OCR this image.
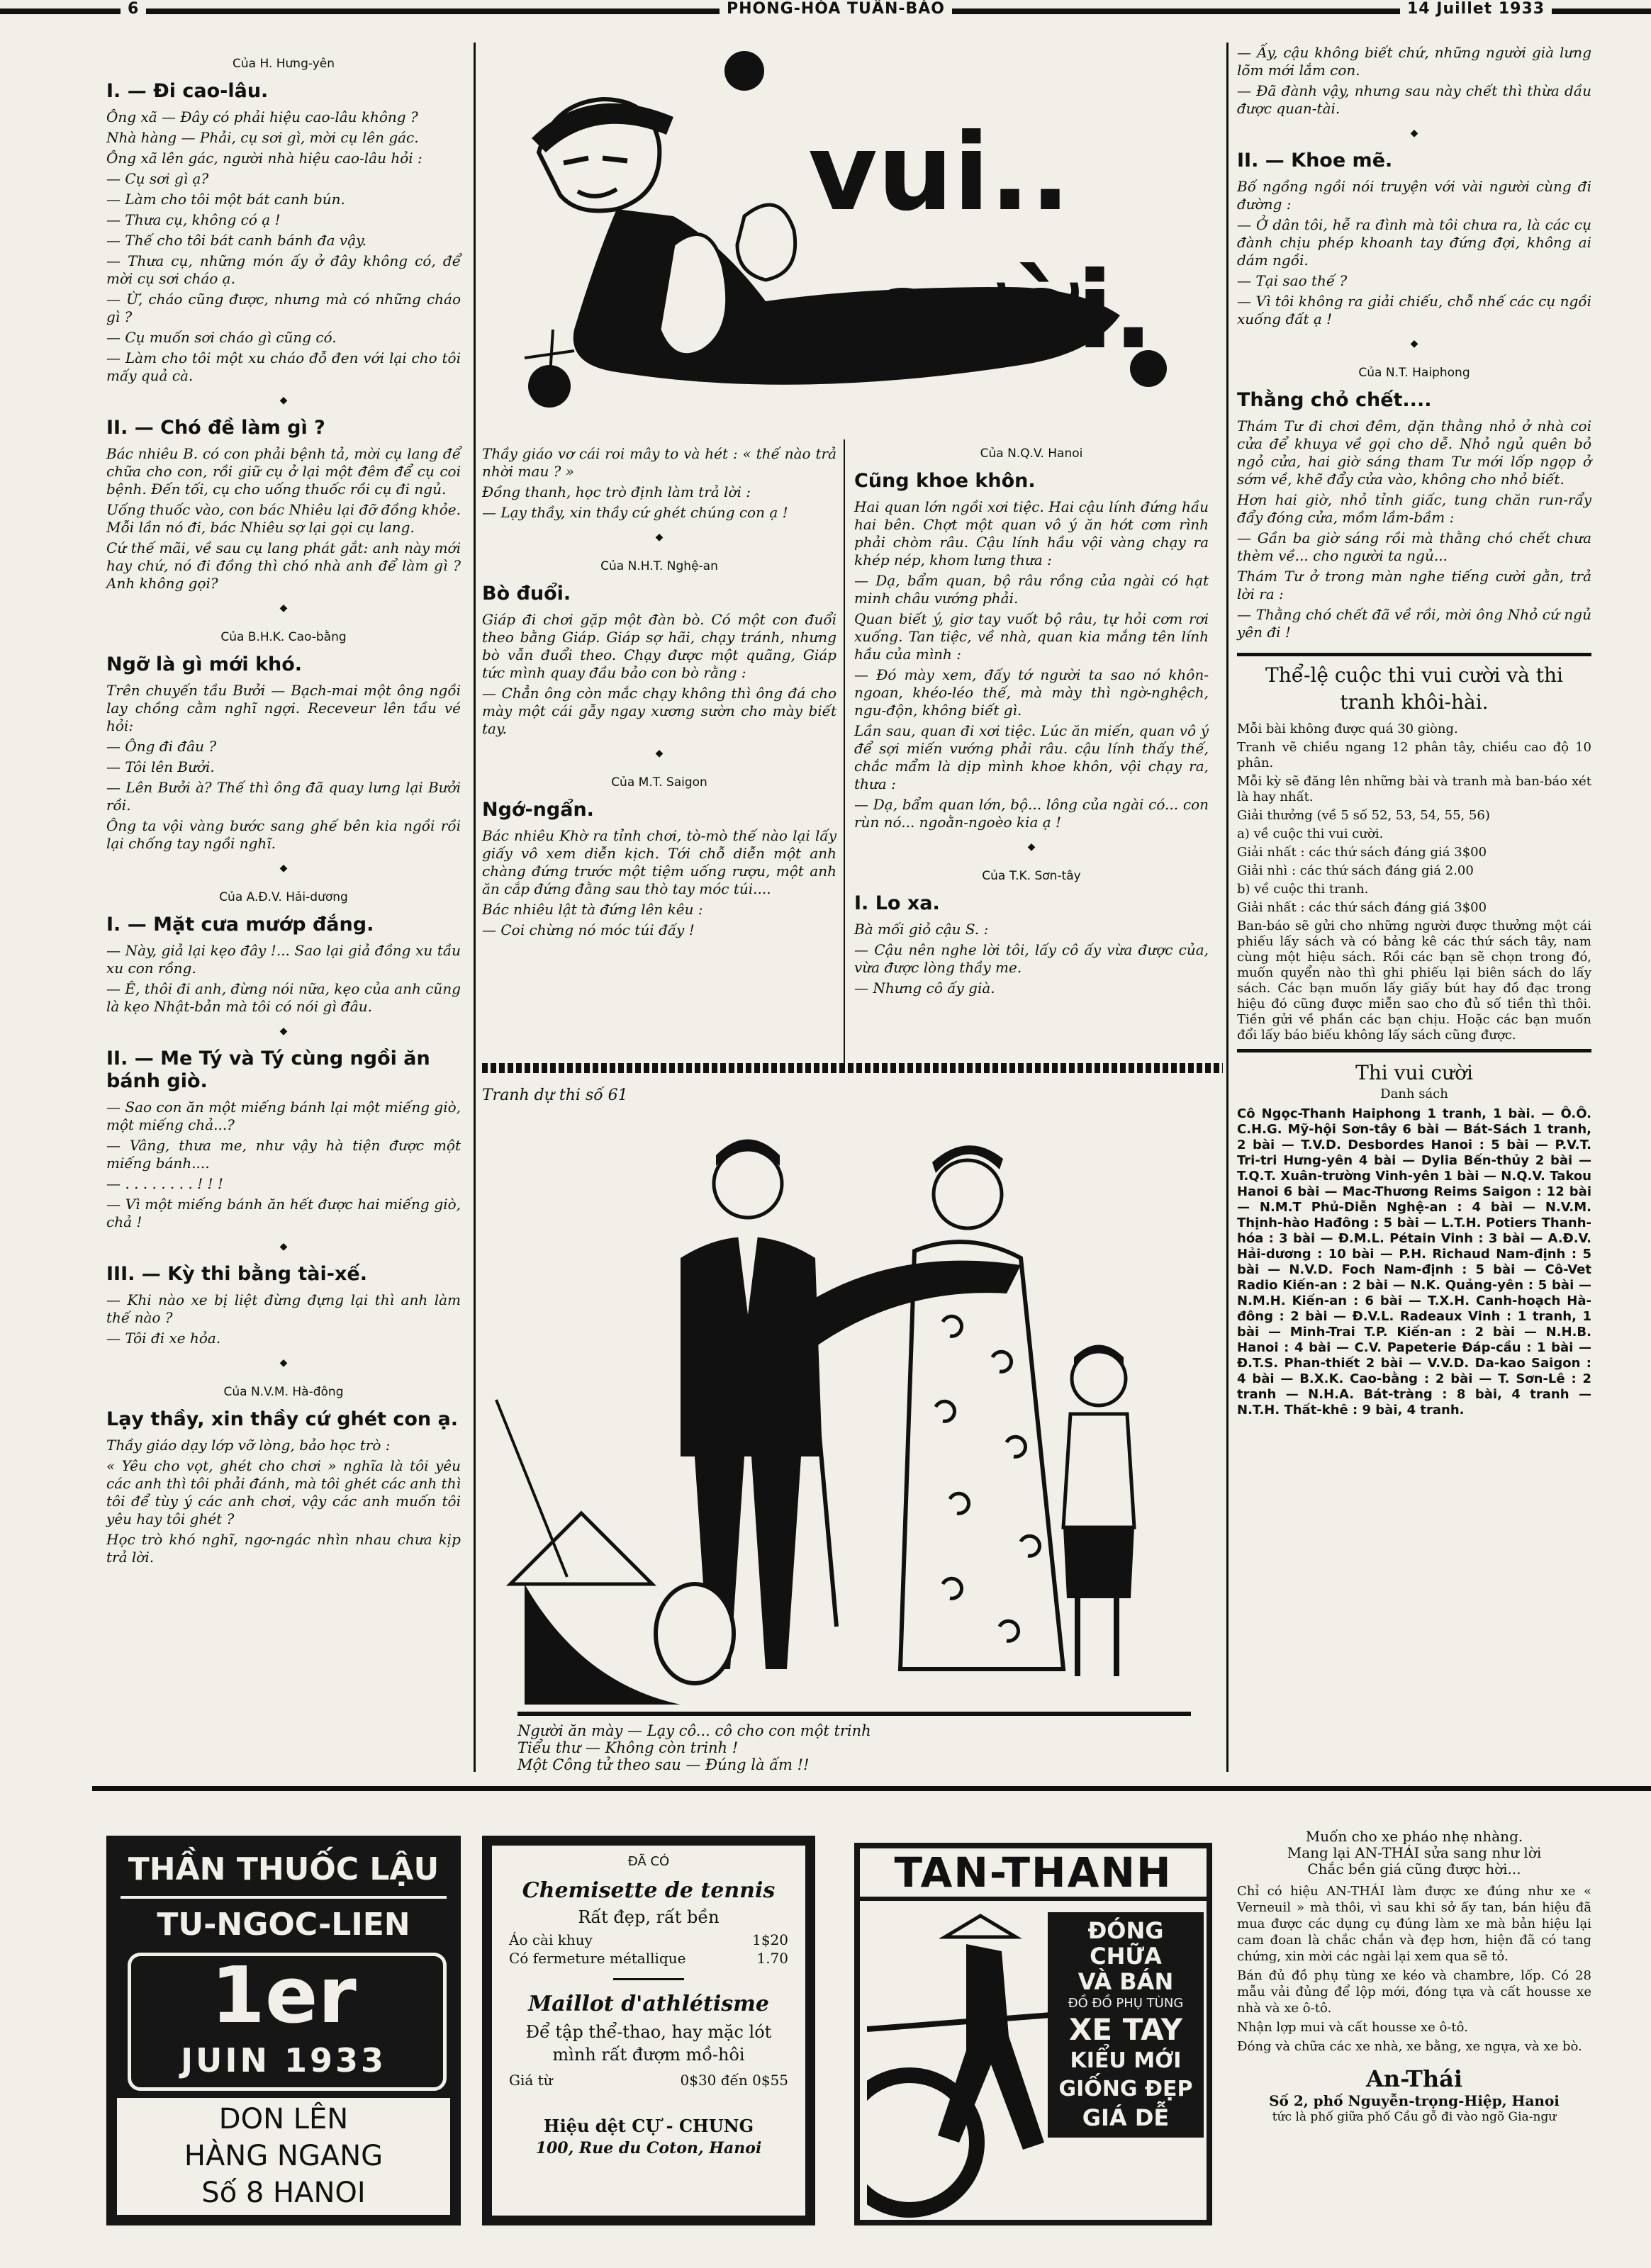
6	PHONG-HÓA TUẦN-BÁO	14 Juillet 1933
vui..
cười.
Của H. Hưng-yên
I. — Đi cao-lâu.

Ông xã — Đây có phải hiệu cao-lâu không ?

Nhà hàng — Phải, cụ sơi gì, mời cụ lên gác.

Ông xã lên gác, người nhà hiệu cao-lâu hỏi :

— Cụ sơi gì ạ?

— Làm cho tôi một bát canh bún.

— Thưa cụ, không có ạ !

— Thế cho tôi bát canh bánh đa vậy.

— Thưa cụ, những món ấy ở đây không có, để mời cụ sơi cháo ạ.

— Ừ, cháo cũng được, nhưng mà có những cháo gì ?

— Cụ muốn sơi cháo gì cũng có.

— Làm cho tôi một xu cháo đỗ đen với lại cho tôi mấy quả cà.

◆
II. — Chó đề làm gì ?

Bác nhiêu B. có con phải bệnh tả, mời cụ lang để chữa cho con, rồi giữ cụ ở lại một đêm để cụ coi bệnh. Đến tối, cụ cho uống thuốc rồi cụ đi ngủ.

Uống thuốc vào, con bác Nhiêu lại đỡ đồng khỏe. Mỗi lần nó đi, bác Nhiêu sợ lại gọi cụ lang.

Cứ thế mãi, về sau cụ lang phát gắt: anh này mới hay chứ, nó đi đồng thì chó nhà anh để làm gì ? Anh không gọi?

◆
Của B.H.K. Cao-bằng
Ngỡ là gì mới khó.

Trên chuyến tầu Bưởi — Bạch-mai một ông ngồi lay chồng cằm nghĩ ngợi. Receveur lên tầu vé hỏi:

— Ông đi đâu ?

— Tôi lên Bưởi.

— Lên Bưởi à? Thế thì ông đã quay lưng lại Bưởi rồi.

Ông ta vội vàng bước sang ghế bên kia ngồi rồi lại chống tay ngồi nghĩ.

◆
Của A.Đ.V. Hải-dương
I. — Mặt cưa mướp đắng.

— Này, giả lại kẹo đây !... Sao lại giả đồng xu tầu xu con rồng.

— Ê, thôi đi anh, đừng nói nữa, kẹo của anh cũng là kẹo Nhật-bản mà tôi có nói gì đâu.

◆
II. — Me Tý và Tý cùng ngồi ăn bánh giò.

— Sao con ăn một miếng bánh lại một miếng giò, một miếng chả...?

— Vâng, thưa me, như vậy hà tiện được một miếng bánh....

— . . . . . . . . ! ! !

— Vì một miếng bánh ăn hết được hai miếng giò, chả !

◆
III. — Kỳ thi bằng tài-xế.

— Khi nào xe bị liệt đừng đựng lại thì anh làm thế nào ?

— Tôi đi xe hỏa.

◆
Của N.V.M. Hà-đông
Lạy thầy, xin thầy cứ ghét con ạ.

Thầy giáo dạy lớp vỡ lòng, bảo học trò :

« Yêu cho vọt, ghét cho chơi » nghĩa là tôi yêu các anh thì tôi phải đánh, mà tôi ghét các anh thì tôi để tùy ý các anh chơi, vậy các anh muốn tôi yêu hay tôi ghét ?

Học trò khó nghĩ, ngơ-ngác nhìn nhau chưa kịp trả lời.

Thầy giáo vơ cái roi mây to và hét : « thế nào trả nhời mau ? »

Đồng thanh, học trò định làm trả lời :

— Lạy thầy, xin thầy cứ ghét chúng con ạ !

◆
Của N.H.T. Nghệ-an
Bò đuổi.

Giáp đi chơi gặp một đàn bò. Có một con đuổi theo bằng Giáp. Giáp sợ hãi, chạy tránh, nhưng bò vẫn đuổi theo. Chạy được một quãng, Giáp tức mình quay đầu bảo con bò rằng :

— Chẳn ông còn mắc chạy không thì ông đá cho mày một cái gẫy ngay xương sườn cho mày biết tay.

◆
Của M.T. Saigon
Ngớ-ngẩn.

Bác nhiêu Khờ ra tỉnh chơi, tò-mò thế nào lại lấy giấy vô xem diễn kịch. Tới chỗ diễn một anh chàng đứng trước một tiệm uống rượu, một anh ăn cắp đứng đằng sau thò tay móc túi....

Bác nhiêu lật tà đứng lên kêu :

— Coi chừng nó móc túi đấy !

Của N.Q.V. Hanoi
Cũng khoe khôn.

Hai quan lớn ngồi xơi tiệc. Hai cậu lính đứng hầu hai bên. Chợt một quan vô ý ăn hớt cơm rình phải chòm râu. Cậu lính hầu vội vàng chạy ra khép nép, khom lưng thưa :

— Dạ, bẩm quan, bộ râu rồng của ngài có hạt minh châu vướng phải.

Quan biết ý, giơ tay vuốt bộ râu, tự hỏi cơm rơi xuống. Tan tiệc, về nhà, quan kia mắng tên lính hầu của mình :

— Đó mày xem, đấy tớ người ta sao nó khôn-ngoan, khéo-léo thế, mà mày thì ngờ-nghệch, ngu-độn, không biết gì.

Lần sau, quan đi xơi tiệc. Lúc ăn miến, quan vô ý để sợi miến vướng phải râu. cậu lính thấy thế, chắc mẩm là dịp mình khoe khôn, vội chạy ra, thưa :

— Dạ, bẩm quan lớn, bộ... lông của ngài có... con rùn nó... ngoằn-ngoèo kia ạ !

◆
Của T.K. Sơn-tây
I. Lo xa.

Bà mối giỏ cậu S. :

— Cậu nên nghe lời tôi, lấy cô ấy vừa được của, vừa được lòng thầy me.

— Nhưng cô ấy già.

— Ấy, cậu không biết chứ, những người già lưng lõm mới lắm con.

— Đã đành vậy, nhưng sau này chết thì thừa dầu được quan-tài.

◆
II. — Khoe mẽ.

Bố ngồng ngồi nói truyện với vài người cùng đi đường :

— Ở dân tôi, hễ ra đình mà tôi chưa ra, là các cụ đành chịu phép khoanh tay đứng đợi, không ai dám ngồi.

— Tại sao thế ?

— Vì tôi không ra giải chiếu, chỗ nhế các cụ ngồi xuống đất ạ !

◆
Của N.T. Haiphong
Thằng chỏ chết....

Thám Tư đi chơi đêm, dặn thằng nhỏ ở nhà coi cửa để khuya về gọi cho dễ. Nhỏ ngủ quên bỏ ngỏ cửa, hai giờ sáng tham Tư mới lốp ngọp ở sớm về, khẽ đẩy cửa vào, không cho nhỏ biết.

Hơn hai giờ, nhỏ tỉnh giấc, tung chăn run-rẩy đẩy đóng cửa, mồm lầm-bầm :

— Gần ba giờ sáng rồi mà thằng chó chết chưa thèm về... cho người ta ngủ...

Thám Tư ở trong màn nghe tiếng cười gằn, trả lời ra :

— Thằng chó chết đã về rồi, mời ông Nhỏ cứ ngủ yên đi !

Thể-lệ cuộc thi vui cười và thi tranh khôi-hài.

Mỗi bài không được quá 30 giòng.

Tranh vẽ chiều ngang 12 phân tây, chiều cao độ 10 phân.

Mỗi kỳ sẽ đăng lên những bài và tranh mà ban-báo xét là hay nhất.

Giải thưởng (về 5 số 52, 53, 54, 55, 56)

a) về cuộc thi vui cười.

Giải nhất : các thứ sách đáng giá 3$00

Giải nhì : các thứ sách đáng giá 2.00

b) về cuộc thi tranh.

Giải nhất : các thứ sách đáng giá 3$00

Ban-báo sẽ gửi cho những người được thưởng một cái phiếu lấy sách và có bảng kê các thứ sách tây, nam cùng một hiệu sách. Rồi các bạn sẽ chọn trong đó, muốn quyển nào thì ghi phiếu lại biên sách do lấy sách. Các bạn muốn lấy giấy bút hay đồ đạc trong hiệu đó cũng được miễn sao cho đủ số tiền thì thôi. Tiền gửi về phần các bạn chịu. Hoặc các bạn muốn đổi lấy báo biếu không lấy sách cũng được.

Thi vui cười
Danh sách
Cô Ngọc-Thanh Haiphong 1 tranh, 1 bài. — Ô.Ô. C.H.G. Mỹ-hội Sơn-tây 6 bài — Bát-Sách 1 tranh, 2 bài — T.V.D. Desbordes Hanoi : 5 bài — P.V.T. Tri-tri Hưng-yên 4 bài — Dylia Bến-thủy 2 bài — T.Q.T. Xuân-trường Vinh-yên 1 bài — N.Q.V. Takou Hanoi 6 bài — Mac-Thương Reims Saigon : 12 bài — N.M.T Phủ-Diễn Nghệ-an : 4 bài — N.V.M. Thịnh-hào Hađông : 5 bài — L.T.H. Potiers Thanh-hóa : 3 bài — Đ.M.L. Pétain Vinh : 3 bài — A.Đ.V. Hải-dương : 10 bài — P.H. Richaud Nam-định : 5 bài — N.V.D. Foch Nam-định : 5 bài — Cô-Vet Radio Kiến-an : 2 bài — N.K. Quảng-yên : 5 bài — N.M.H. Kiến-an : 6 bài — T.X.H. Canh-hoạch Hà-đông : 2 bài — Đ.V.L. Radeaux Vinh : 1 tranh, 1 bài — Minh-Trai T.P. Kiến-an : 2 bài — N.H.B. Hanoi : 4 bài — C.V. Papeterie Đáp-cầu : 1 bài — Đ.T.S. Phan-thiết 2 bài — V.V.D. Da-kao Saigon : 4 bài — B.X.K. Cao-bằng : 2 bài — T. Sơn-Lê : 2 tranh — N.H.A. Bát-tràng : 8 bài, 4 tranh — N.T.H. Thất-khê : 9 bài, 4 tranh.
Tranh dự thi số 61

Người ăn mày — Lạy cô... cô cho con một trinh

Tiểu thư — Không còn trinh !

Một Công tử theo sau — Đúng là ấm !!

THẦN THUỐC LẬU
TU-NGOC-LIEN
1er
JUIN 1933
DON LÊN
HÀNG NGANG
Số 8 HANOI
ĐÃ CÓ
Chemisette de tennis
Rất đẹp, rất bền
Áo cài khuy	1$20
Có fermeture métallique	1.70
Maillot d'athlétisme
Để tập thể-thao, hay mặc lót mình rất đượm mồ-hôi
Giá từ	0$30 đến 0$55
Hiệu dệt CỰ - CHUNG
100, Rue du Coton, Hanoi
TAN-THANH
ĐÓNG
CHỮA
VÀ BÁN
ĐỒ ĐỒ PHỤ TÙNG
XE TAY
KIỂU MỚI
GIỐNG ĐẸP
GIÁ DỄ
Muốn cho xe pháo nhẹ nhàng.
Mang lại AN-THÁI sửa sang như lời
Chắc bền giá cũng được hời...

Chỉ có hiệu AN-THÁI làm được xe đúng như xe « Verneuil » mà thôi, vì sau khi sở ấy tan, bán hiệu đã mua được các dụng cụ đúng làm xe mà bản hiệu lại cam đoan là chắc chắn và đẹp hơn, hiện đã có tang chứng, xin mời các ngài lại xem qua sẽ tỏ.

Bán đủ đồ phụ tùng xe kéo và chambre, lốp. Có 28 mẫu vải đủng để lộp mới, đóng tựa và cất housse xe nhà và xe ô-tô.

Nhận lợp mui và cất housse xe ô-tô.

Đóng và chữa các xe nhà, xe bằng, xe ngựa, và xe bò.

An-Thái
Số 2, phố Nguyễn-trọng-Hiệp, Hanoi
tức là phố giữa phố Cầu gỗ đi vào ngõ Gia-ngư
